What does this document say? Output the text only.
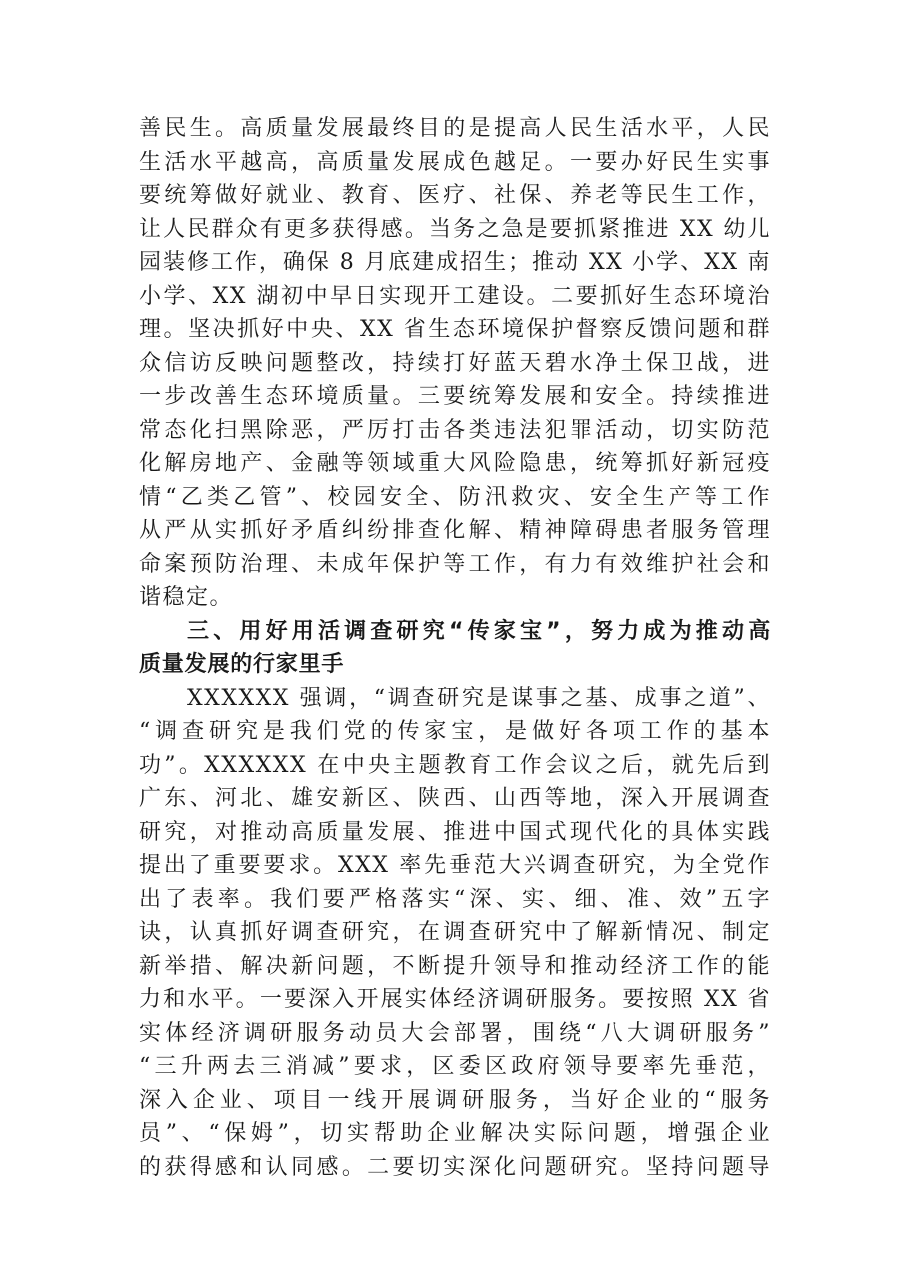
善民生。高质量发展最终目的是提高人民生活水平，人民
生活水平越高，高质量发展成色越足。一要办好民生实事
要统筹做好就业、教育、医疗、社保、养老等民生工作，
让人民群众有更多获得感。当务之急是要抓紧推进 XX 幼儿
园装修工作，确保 8 月底建成招生；推动 XX 小学、XX 南
小学、XX 湖初中早日实现开工建设。二要抓好生态环境治
理。坚决抓好中央、XX 省生态环境保护督察反馈问题和群
众信访反映问题整改，持续打好蓝天碧水净土保卫战，进
一步改善生态环境质量。三要统筹发展和安全。持续推进
常态化扫黑除恶，严厉打击各类违法犯罪活动，切实防范
化解房地产、金融等领域重大风险隐患，统筹抓好新冠疫
情“乙类乙管”、校园安全、防汛救灾、安全生产等工作
从严从实抓好矛盾纠纷排查化解、精神障碍患者服务管理
命案预防治理、未成年保护等工作，有力有效维护社会和
谐稳定。
三、用好用活调查研究“传家宝”，努力成为推动高
质量发展的行家里手
XXXXXX 强调，“调查研究是谋事之基、成事之道”、
“调查研究是我们党的传家宝，是做好各项工作的基本
功”。XXXXXX 在中央主题教育工作会议之后，就先后到
广东、河北、雄安新区、陕西、山西等地，深入开展调查
研究，对推动高质量发展、推进中国式现代化的具体实践
提出了重要要求。XXX 率先垂范大兴调查研究，为全党作
出了表率。我们要严格落实“深、实、细、准、效”五字
诀，认真抓好调查研究，在调查研究中了解新情况、制定
新举措、解决新问题，不断提升领导和推动经济工作的能
力和水平。一要深入开展实体经济调研服务。要按照 XX 省
实体经济调研服务动员大会部署，围绕“八大调研服务”
“三升两去三消减”要求，区委区政府领导要率先垂范，
深入企业、项目一线开展调研服务，当好企业的“服务
员”、“保姆”，切实帮助企业解决实际问题，增强企业
的获得感和认同感。二要切实深化问题研究。坚持问题导
